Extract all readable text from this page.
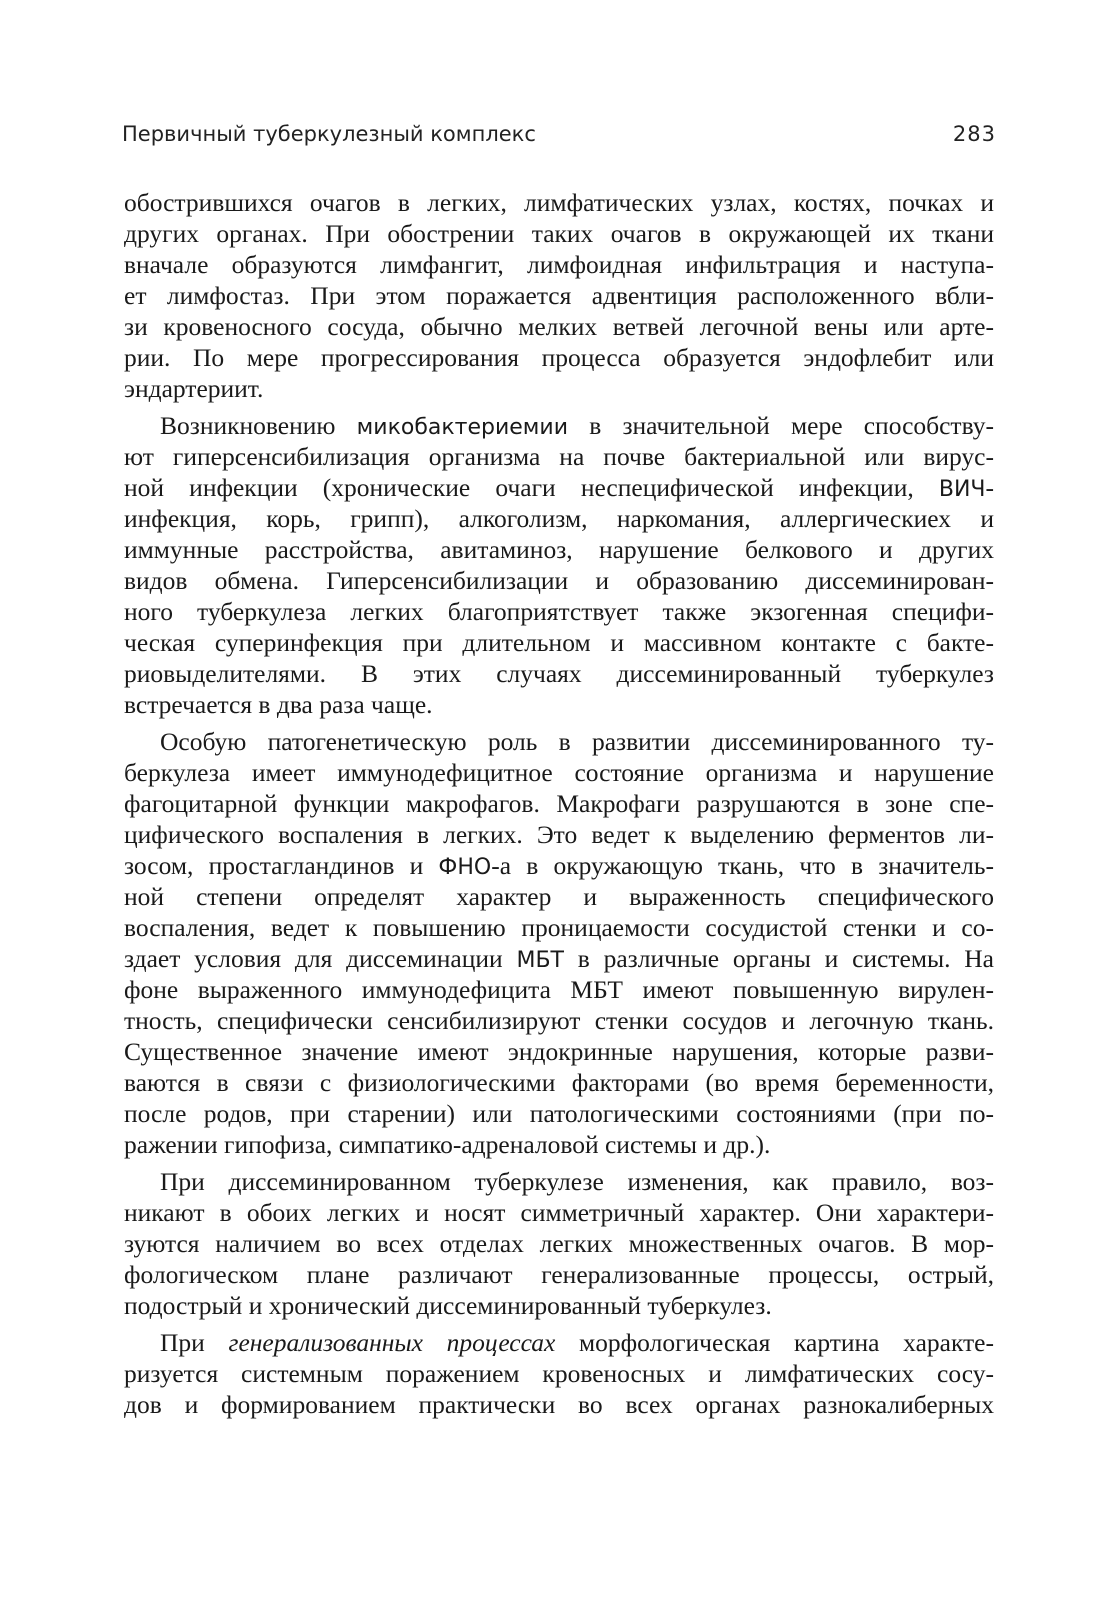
Первичный туберкулезный комплекс	283
обострившихся очагов в легких, лимфатических узлах, костях, почках и
других органах. При обострении таких очагов в окружающей их ткани
вначале образуются лимфангит, лимфоидная инфильтрация и наступа-
ет лимфостаз. При этом поражается адвентиция расположенного вбли-
зи кровеносного сосуда, обычно мелких ветвей легочной вены или арте-
рии. По мере прогрессирования процесса образуется эндофлебит или
эндартериит.
Возникновению микобактериемии в значительной мере способству-
ют гиперсенсибилизация организма на почве бактериальной или вирус-
ной инфекции (хронические очаги неспецифической инфекции, ВИЧ-
инфекция, корь, грипп), алкоголизм, наркомания, аллергическиех и
иммунные расстройства, авитаминоз, нарушение белкового и других
видов обмена. Гиперсенсибилизации и образованию диссеминирован-
ного туберкулеза легких благоприятствует также экзогенная специфи-
ческая суперинфекция при длительном и массивном контакте с бакте-
риовыделителями. В этих случаях диссеминированный туберкулез
встречается в два раза чаще.
Особую патогенетическую роль в развитии диссеминированного ту-
беркулеза имеет иммунодефицитное состояние организма и нарушение
фагоцитарной функции макрофагов. Макрофаги разрушаются в зоне спе-
цифического воспаления в легких. Это ведет к выделению ферментов ли-
зосом, простагландинов и ФНО-а в окружающую ткань, что в значитель-
ной степени определят характер и выраженность специфического
воспаления, ведет к повышению проницаемости сосудистой стенки и со-
здает условия для диссеминации МБТ в различные органы и системы. На
фоне выраженного иммунодефицита МБТ имеют повышенную вирулен-
тность, специфически сенсибилизируют стенки сосудов и легочную ткань.
Существенное значение имеют эндокринные нарушения, которые разви-
ваются в связи с физиологическими факторами (во время беременности,
после родов, при старении) или патологическими состояниями (при по-
ражении гипофиза, симпатико-адреналовой системы и др.).
При диссеминированном туберкулезе изменения, как правило, воз-
никают в обоих легких и носят симметричный характер. Они характери-
зуются наличием во всех отделах легких множественных очагов. В мор-
фологическом плане различают генерализованные процессы, острый,
подострый и хронический диссеминированный туберкулез.
При генерализованных процессах морфологическая картина характе-
ризуется системным поражением кровеносных и лимфатических сосу-
дов и формированием практически во всех органах разнокалиберных
